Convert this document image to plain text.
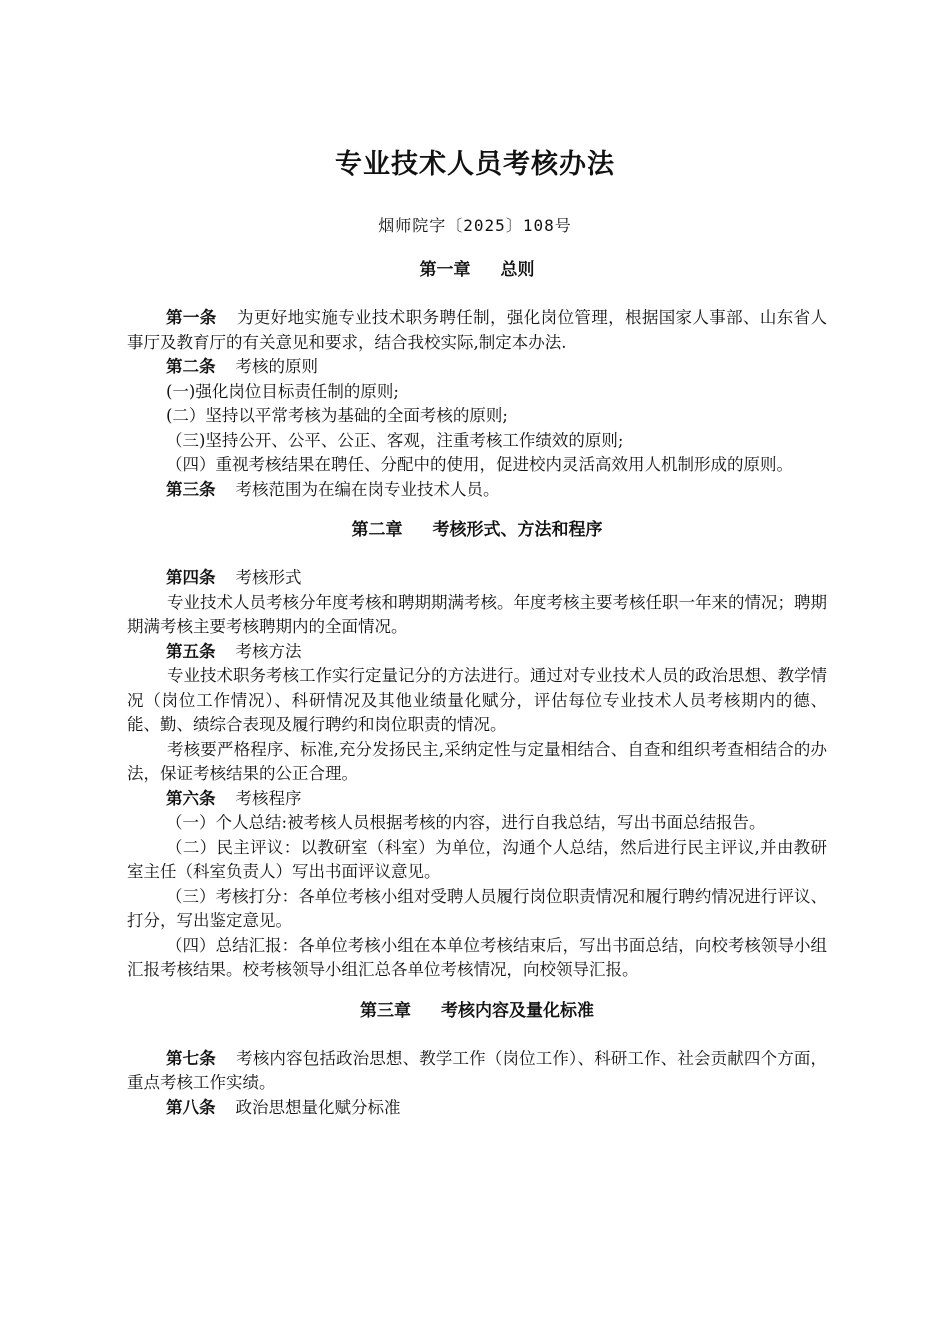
专业技术人员考核办法
烟师院字〔2025〕108号
第一章 总则

第一条 为更好地实施专业技术职务聘任制，强化岗位管理，根据国家人事部、山东省人事厅及教育厅的有关意见和要求，结合我校实际,制定本办法.

第二条 考核的原则

(一)强化岗位目标责任制的原则;

(二）坚持以平常考核为基础的全面考核的原则;

（三)坚持公开、公平、公正、客观，注重考核工作绩效的原则;

（四）重视考核结果在聘任、分配中的使用，促进校内灵活高效用人机制形成的原则。

第三条 考核范围为在编在岗专业技术人员。

第二章 考核形式、方法和程序

第四条 考核形式

专业技术人员考核分年度考核和聘期期满考核。年度考核主要考核任职一年来的情况；聘期期满考核主要考核聘期内的全面情况。

第五条 考核方法

专业技术职务考核工作实行定量记分的方法进行。通过对专业技术人员的政治思想、教学情况（岗位工作情况）、科研情况及其他业绩量化赋分，评估每位专业技术人员考核期内的德、能、勤、绩综合表现及履行聘约和岗位职责的情况。

考核要严格程序、标准,充分发扬民主,采纳定性与定量相结合、自查和组织考查相结合的办法，保证考核结果的公正合理。

第六条 考核程序

（一）个人总结:被考核人员根据考核的内容，进行自我总结，写出书面总结报告。

（二）民主评议：以教研室（科室）为单位，沟通个人总结，然后进行民主评议,并由教研室主任（科室负责人）写出书面评议意见。

（三）考核打分：各单位考核小组对受聘人员履行岗位职责情况和履行聘约情况进行评议、打分，写出鉴定意见。

（四）总结汇报：各单位考核小组在本单位考核结束后，写出书面总结，向校考核领导小组汇报考核结果。校考核领导小组汇总各单位考核情况，向校领导汇报。

第三章 考核内容及量化标准

第七条 考核内容包括政治思想、教学工作（岗位工作）、科研工作、社会贡献四个方面，重点考核工作实绩。

第八条 政治思想量化赋分标准
